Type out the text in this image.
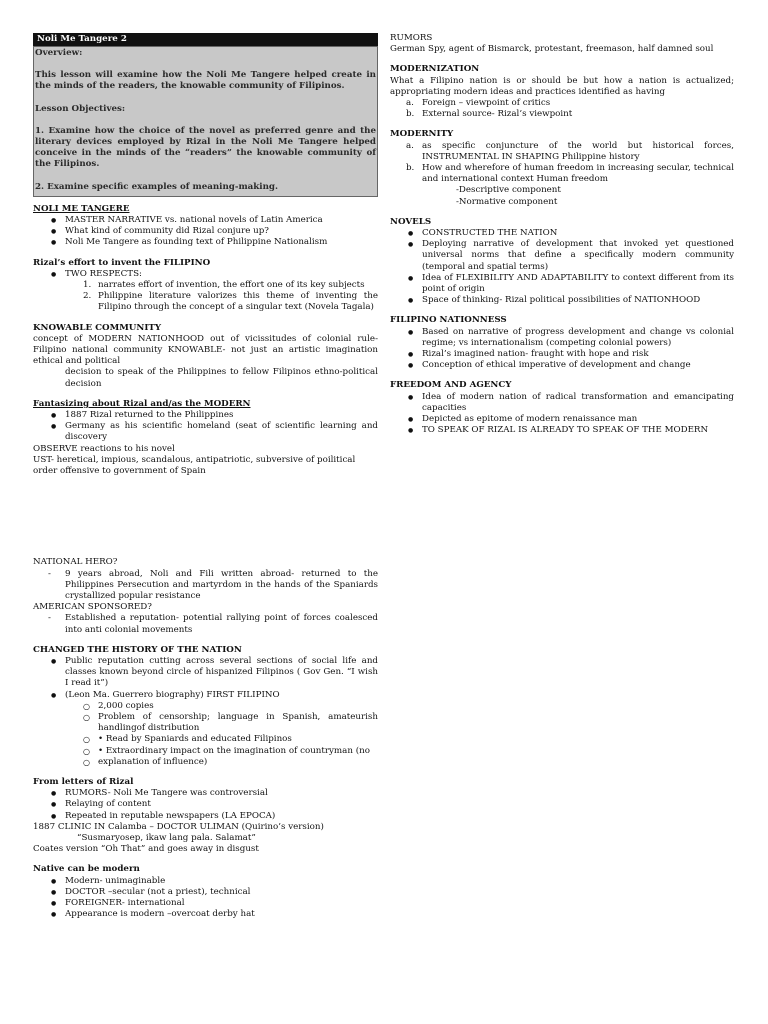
Noli Me Tangere 2

Overview:

This lesson will examine how the Noli Me Tangere helped create in the minds of the readers, the knowable community of Filipinos.

Lesson Objectives:

1. Examine how the choice of the novel as preferred genre and the literary devices employed by Rizal in the Noli Me Tangere helped conceive in the minds of the “readers” the knowable community of the Filipinos.

2. Examine specific examples of meaning-making.

NOLI ME TANGERE
● MASTER NARRATIVE vs. national novels of Latin America
● What kind of community did Rizal conjure up?
● Noli Me Tangere as founding text of Philippine Nationalism
Rizal’s effort to invent the FILIPINO
● TWO RESPECTS:
1. narrates effort of invention, the effort one of its key subjects
2. Philippine literature valorizes this theme of inventing the Filipino through the concept of a singular text (Novela Tagala)
KNOWABLE COMMUNITY

concept of MODERN NATIONHOOD out of vicissitudes of colonial rule- Filipino national community KNOWABLE- not just an artistic imagination ethical and political

decision to speak of the Philippines to fellow Filipinos ethno-political decision

Fantasizing about Rizal and/as the MODERN
● 1887 Rizal returned to the Philippines
● Germany as his scientific homeland (seat of scientific learning and discovery

OBSERVE reactions to his novel

UST- heretical, impious, scandalous, antipatriotic, subversive of poilitical order offensive to government of Spain

NATIONAL HERO?

- 9 years abroad, Noli and Fili written abroad- returned to the Philippines Persecution and martyrdom in the hands of the Spaniards crystallized popular resistance

AMERICAN SPONSORED?

- Established a reputation- potential rallying point of forces coalesced into anti colonial movements
CHANGED THE HISTORY OF THE NATION
● Public reputation cutting across several sections of social life and classes known beyond circle of hispanized Filipinos ( Gov Gen. “I wish I read it”)
● (Leon Ma. Guerrero biography) FIRST FILIPINO
○ 2,000 copies
○ Problem of censorship; language in Spanish, amateurish handlingof distribution
○ • Read by Spaniards and educated Filipinos
○ • Extraordinary impact on the imagination of countryman (no
○ explanation of influence)
From letters of Rizal
● RUMORS- Noli Me Tangere was controversial
● Relaying of content
● Repeated in reputable newspapers (LA EPOCA)

1887 CLINIC IN Calamba – DOCTOR ULIMAN (Quirino’s version)

“Susmaryosep, ikaw lang pala. Salamat”

Coates version “Oh That” and goes away in disgust

Native can be modern
● Modern- unimaginable
● DOCTOR –secular (not a priest), technical
● FOREIGNER- international
● Appearance is modern –overcoat derby hat

RUMORS

German Spy, agent of Bismarck, protestant, freemason, half damned soul

MODERNIZATION

What a Filipino nation is or should be but how a nation is actualized; appropriating modern ideas and practices identified as having

a. Foreign – viewpoint of critics
b. External source- Rizal’s viewpoint
MODERNITY
a. as specific conjuncture of the world but historical forces, INSTRUMENTAL IN SHAPING Philippine history
b. How and wherefore of human freedom in increasing secular, technical and international context Human freedom

-Descriptive component

-Normative component

NOVELS
● CONSTRUCTED THE NATION
● Deploying narrative of development that invoked yet questioned universal norms that define a specifically modern community (temporal and spatial terms)
● Idea of FLEXIBILITY AND ADAPTABILITY to context different from its point of origin
● Space of thinking- Rizal political possibilities of NATIONHOOD
FILIPINO NATIONNESS
● Based on narrative of progress development and change vs colonial regime; vs internationalism (competing colonial powers)
● Rizal’s imagined nation- fraught with hope and risk
● Conception of ethical imperative of development and change
FREEDOM AND AGENCY
● Idea of modern nation of radical transformation and emancipating capacities
● Depicted as epitome of modern renaissance man
● TO SPEAK OF RIZAL IS ALREADY TO SPEAK OF THE MODERN
